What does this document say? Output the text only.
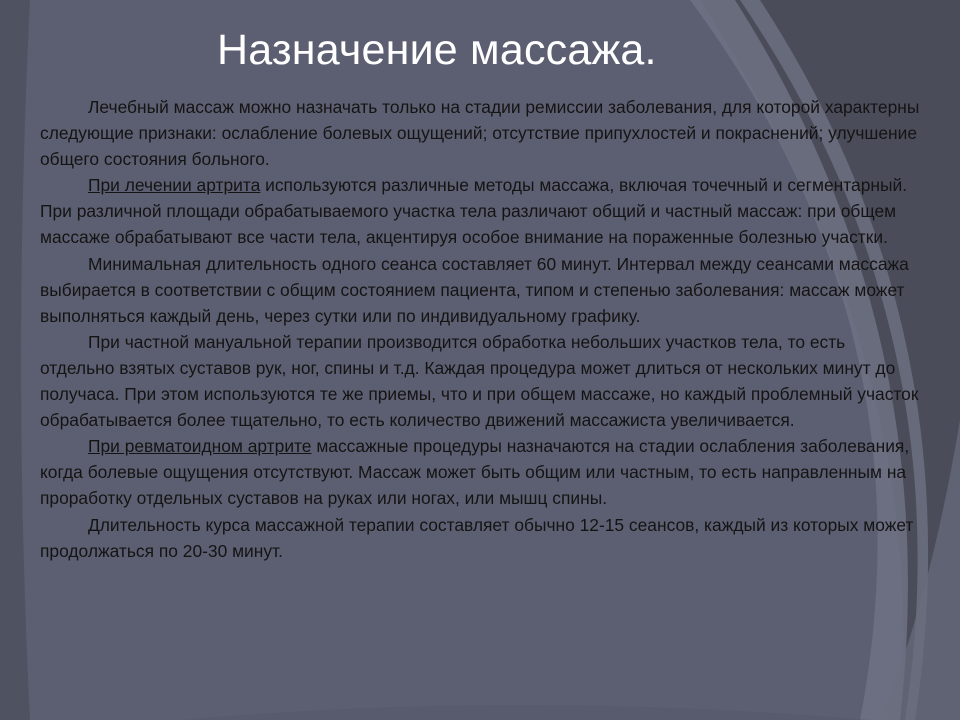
Назначение массажа.

Лечебный массаж можно назначать только на стадии ремиссии заболевания, для которой характерны следующие признаки: ослабление болевых ощущений; отсутствие припухлостей и покраснений; улучшение общего состояния больного.

При лечении артрита используются различные методы массажа, включая точечный и сегментарный. При различной площади обрабатываемого участка тела различают общий и частный массаж: при общем массаже обрабатывают все части тела, акцентируя особое внимание на пораженные болезнью участки.

Минимальная длительность одного сеанса составляет 60 минут. Интервал между сеансами массажа выбирается в соответствии с общим состоянием пациента, типом и степенью заболевания: массаж может выполняться каждый день, через сутки или по индивидуальному графику.

При частной мануальной терапии производится обработка небольших участков тела, то есть отдельно взятых суставов рук, ног, спины и т.д. Каждая процедура может длиться от нескольких минут до получаса. При этом используются те же приемы, что и при общем массаже, но каждый проблемный участок обрабатывается более тщательно, то есть количество движений массажиста увеличивается.

При ревматоидном артрите массажные процедуры назначаются на стадии ослабления заболевания, когда болевые ощущения отсутствуют. Массаж может быть общим или частным, то есть направленным на проработку отдельных суставов на руках или ногах, или мышц спины.

Длительность курса массажной терапии составляет обычно 12-15 сеансов, каждый из которых может продолжаться по 20-30 минут.
